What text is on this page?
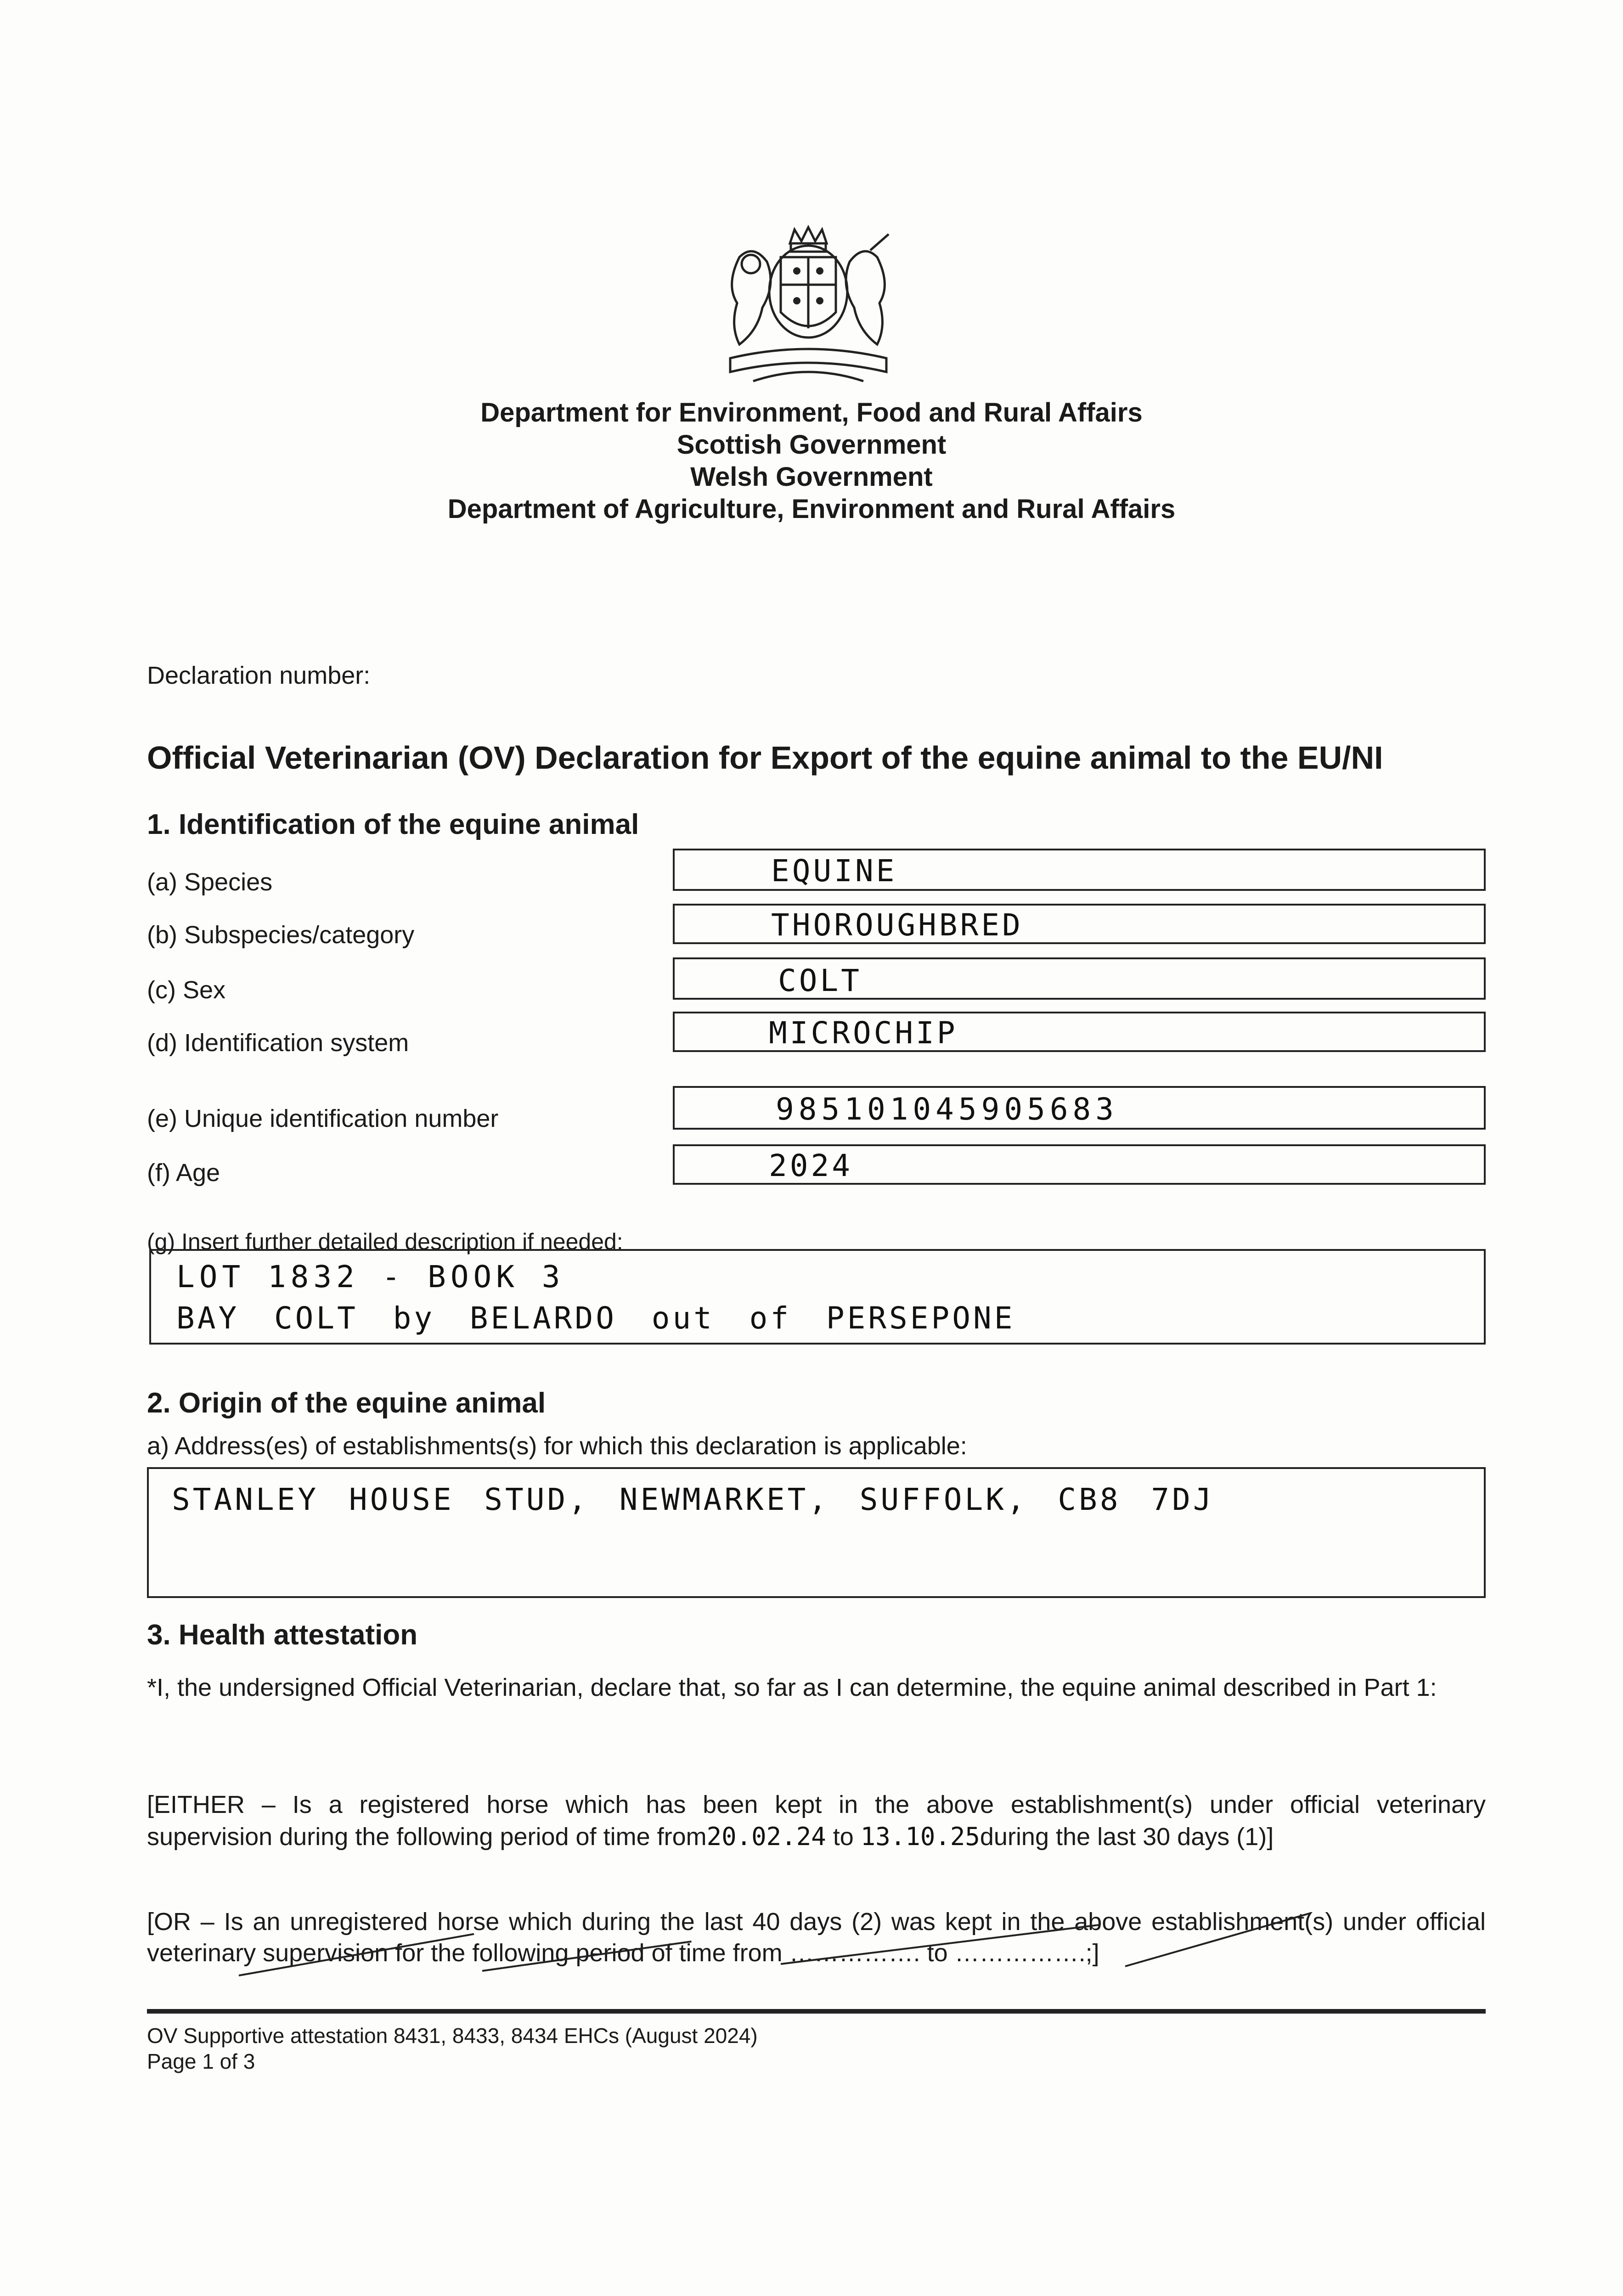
Department for Environment, Food and Rural Affairs
Scottish Government
Welsh Government
Department of Agriculture, Environment and Rural Affairs
Declaration number:
Official Veterinarian (OV) Declaration for Export of the equine animal to the EU/NI
1. Identification of the equine animal
(a) Species	EQUINE
(b) Subspecies/category	THOROUGHBRED
(c) Sex	COLT
(d) Identification system	MICROCHIP
(e) Unique identification number	985101045905683
(f) Age	2024
(g) Insert further detailed description if needed:
LOT 1832 - BOOK 3
BAY COLT by BELARDO out of PERSEPONE
2. Origin of the equine animal
a) Address(es) of establishments(s) for which this declaration is applicable:
STANLEY HOUSE STUD, NEWMARKET, SUFFOLK, CB8 7DJ
3. Health attestation
*I, the undersigned Official Veterinarian, declare that, so far as I can determine, the equine animal described in Part 1:
[EITHER – Is a registered horse which has been kept in the above establishment(s) under official veterinary
supervision during the following period of time from20.02.24 to 13.10.25during the last 30 days (1)]
[OR – Is an unregistered horse which during the last 40 days (2) was kept in the above establishment(s) under official
veterinary supervision for the following period of time from ……………. to …………….;]
OV Supportive attestation 8431, 8433, 8434 EHCs (August 2024)
Page 1 of 3
